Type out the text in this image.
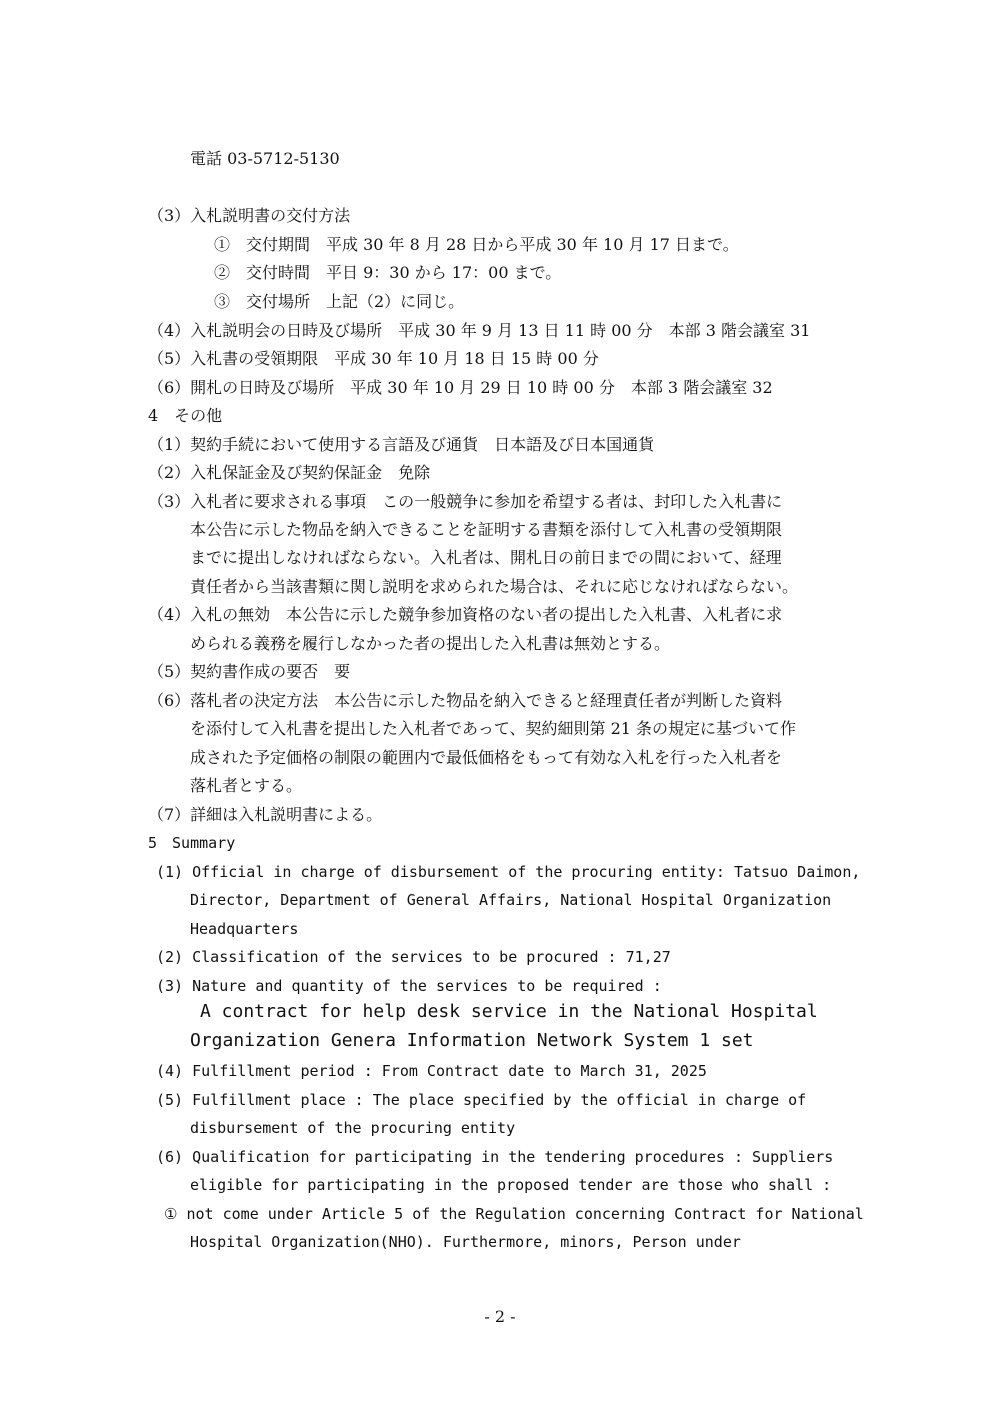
電話 03-5712-5130
（3）入札説明書の交付方法
①　交付期間　平成 30 年 8 月 28 日から平成 30 年 10 月 17 日まで。
②　交付時間　平日 9：30 から 17：00 まで。
③　交付場所　上記（2）に同じ。
（4）入札説明会の日時及び場所　平成 30 年 9 月 13 日 11 時 00 分　本部 3 階会議室 31
（5）入札書の受領期限　平成 30 年 10 月 18 日 15 時 00 分
（6）開札の日時及び場所　平成 30 年 10 月 29 日 10 時 00 分　本部 3 階会議室 32
4　その他
（1）契約手続において使用する言語及び通貨　日本語及び日本国通貨
（2）入札保証金及び契約保証金　免除
（3）入札者に要求される事項　この一般競争に参加を希望する者は、封印した入札書に
本公告に示した物品を納入できることを証明する書類を添付して入札書の受領期限
までに提出しなければならない。入札者は、開札日の前日までの間において、経理
責任者から当該書類に関し説明を求められた場合は、それに応じなければならない。
（4）入札の無効　本公告に示した競争参加資格のない者の提出した入札書、入札者に求
められる義務を履行しなかった者の提出した入札書は無効とする。
（5）契約書作成の要否　要
（6）落札者の決定方法　本公告に示した物品を納入できると経理責任者が判断した資料
を添付して入札書を提出した入札者であって、契約細則第 21 条の規定に基づいて作
成された予定価格の制限の範囲内で最低価格をもって有効な入札を行った入札者を
落札者とする。
（7）詳細は入札説明書による。
5　Summary
(1) Official in charge of disbursement of the procuring entity: Tatsuo Daimon,
Director, Department of General Affairs, National Hospital Organization
Headquarters
(2) Classification of the services to be procured : 71,27
(3) Nature and quantity of the services to be required :
A contract for help desk service in the National Hospital
Organization Genera Information Network System 1 set
(4) Fulfillment period : From Contract date to March 31, 2025
(5) Fulfillment place : The place specified by the official in charge of
disbursement of the procuring entity
(6) Qualification for participating in the tendering procedures : Suppliers
eligible for participating in the proposed tender are those who shall :
① not come under Article 5 of the Regulation concerning Contract for National
Hospital Organization(NHO). Furthermore, minors, Person under
- 2 -
